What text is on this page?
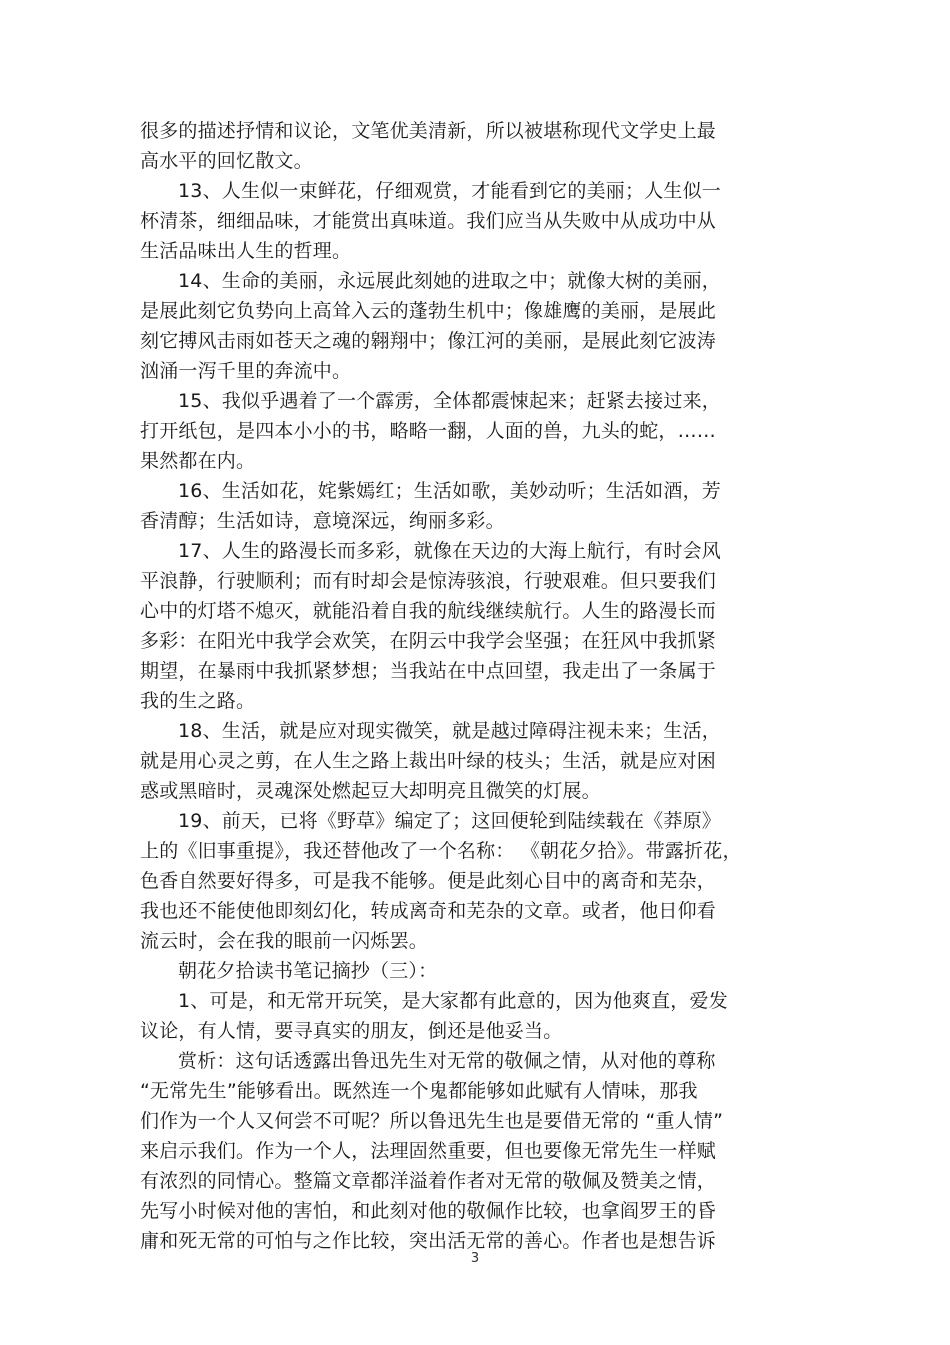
很多的描述抒情和议论，文笔优美清新，所以被堪称现代文学史上最
高水平的回忆散文。
13、人生似一束鲜花，仔细观赏，才能看到它的美丽；人生似一
杯清茶，细细品味，才能赏出真味道。我们应当从失败中从成功中从
生活品味出人生的哲理。
14、生命的美丽，永远展此刻她的进取之中；就像大树的美丽，
是展此刻它负势向上高耸入云的蓬勃生机中；像雄鹰的美丽，是展此
刻它搏风击雨如苍天之魂的翱翔中；像江河的美丽，是展此刻它波涛
汹涌一泻千里的奔流中。
15、我似乎遇着了一个霹雳，全体都震悚起来；赶紧去接过来，
打开纸包，是四本小小的书，略略一翻，人面的兽，九头的蛇，……
果然都在内。
16、生活如花，姹紫嫣红；生活如歌，美妙动听；生活如酒，芳
香清醇；生活如诗，意境深远，绚丽多彩。
17、人生的路漫长而多彩，就像在天边的大海上航行，有时会风
平浪静，行驶顺利；而有时却会是惊涛骇浪，行驶艰难。但只要我们
心中的灯塔不熄灭，就能沿着自我的航线继续航行。人生的路漫长而
多彩：在阳光中我学会欢笑，在阴云中我学会坚强；在狂风中我抓紧
期望，在暴雨中我抓紧梦想；当我站在中点回望，我走出了一条属于
我的生之路。
18、生活，就是应对现实微笑，就是越过障碍注视未来；生活，
就是用心灵之剪，在人生之路上裁出叶绿的枝头；生活，就是应对困
惑或黑暗时，灵魂深处燃起豆大却明亮且微笑的灯展。
19、前天，已将《野草》编定了；这回便轮到陆续载在《莽原》
上的《旧事重提》，我还替他改了一个名称： 《朝花夕拾》。带露折花，
色香自然要好得多，可是我不能够。便是此刻心目中的离奇和芜杂，
我也还不能使他即刻幻化，转成离奇和芜杂的文章。或者，他日仰看
流云时，会在我的眼前一闪烁罢。
朝花夕拾读书笔记摘抄（三）：
1、可是，和无常开玩笑，是大家都有此意的，因为他爽直，爱发
议论，有人情，要寻真实的朋友，倒还是他妥当。
赏析：这句话透露出鲁迅先生对无常的敬佩之情，从对他的尊称
“无常先生”能够看出。既然连一个鬼都能够如此赋有人情味，那我
们作为一个人又何尝不可呢？所以鲁迅先生也是要借无常的 “重人情”
来启示我们。作为一个人，法理固然重要，但也要像无常先生一样赋
有浓烈的同情心。整篇文章都洋溢着作者对无常的敬佩及赞美之情，
先写小时候对他的害怕，和此刻对他的敬佩作比较，也拿阎罗王的昏
庸和死无常的可怕与之作比较，突出活无常的善心。作者也是想告诉
3
